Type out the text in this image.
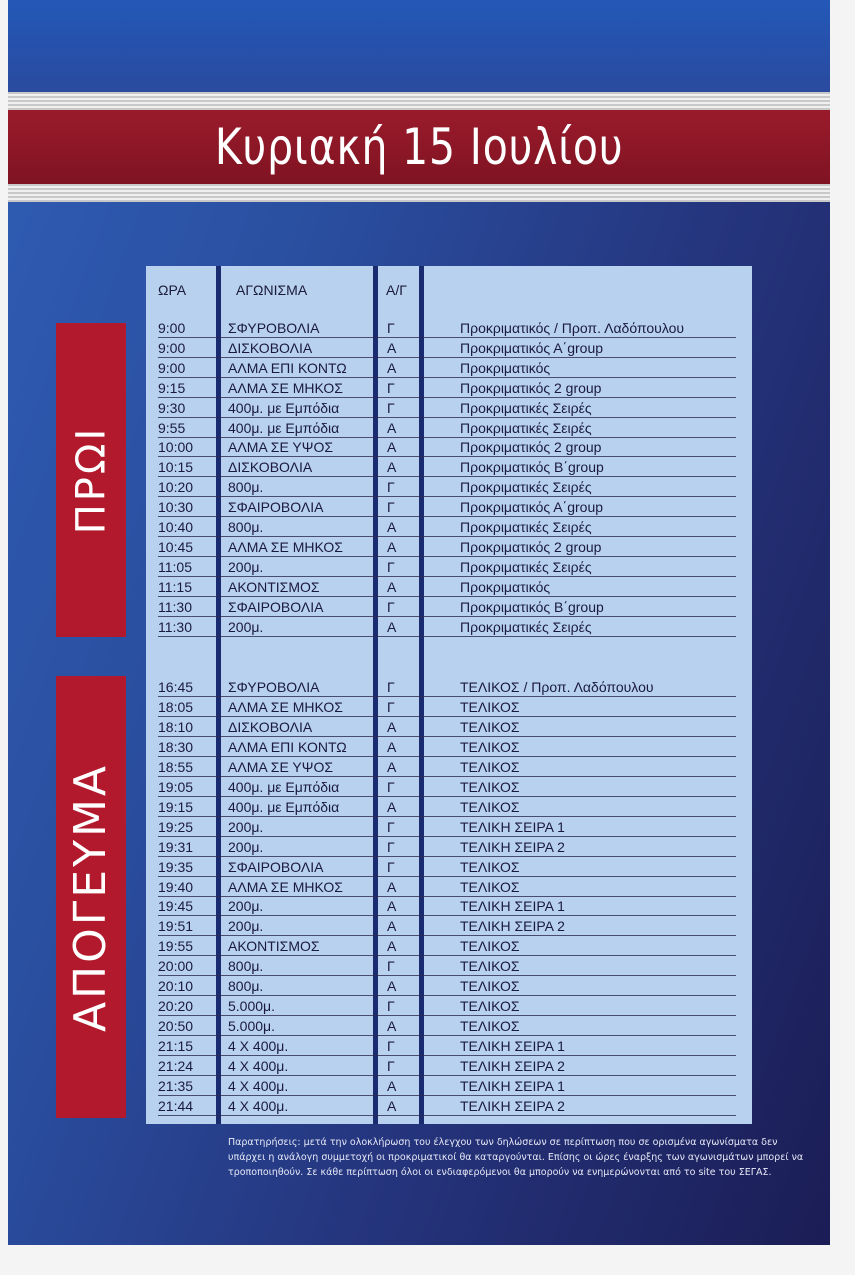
Κυριακή 15 Ιουλίου
ΠΡΩΙ
ΑΠΟΓΕΥΜΑ
ΩΡΑ	ΑΓΩΝΙΣΜΑ	Α/Γ
9:00	ΣΦΥΡΟΒΟΛΙΑ	Γ	Προκριματικός / Προπ. Λαδόπουλου
9:00	ΔΙΣΚΟΒΟΛΙΑ	Α	Προκριματικός Α΄group
9:00	ΑΛΜΑ ΕΠΙ ΚΟΝΤΩ	Α	Προκριματικός
9:15	ΑΛΜΑ ΣΕ ΜΗΚΟΣ	Γ	Προκριματικός 2 group
9:30	400μ. με Εμπόδια	Γ	Προκριματικές Σειρές
9:55	400μ. με Εμπόδια	Α	Προκριματικές Σειρές
10:00 ΑΛΜΑ ΣΕ ΥΨΟΣ	Α	Προκριματικός 2 group
10:15 ΔΙΣΚΟΒΟΛΙΑ	Α	Προκριματικός Β΄group
10:20 800μ.	Γ	Προκριματικές Σειρές
10:30 ΣΦΑΙΡΟΒΟΛΙΑ	Γ	Προκριματικός Α΄group
10:40 800μ.	Α	Προκριματικές Σειρές
10:45 ΑΛΜΑ ΣΕ ΜΗΚΟΣ	Α	Προκριματικός 2 group
11:05	200μ.	Γ	Προκριματικές Σειρές
11:15	ΑΚΟΝΤΙΣΜΟΣ	Α	Προκριματικός
11:30	ΣΦΑΙΡΟΒΟΛΙΑ	Γ	Προκριματικός Β΄group
11:30	200μ.	Α	Προκριματικές Σειρές
16:45 ΣΦΥΡΟΒΟΛΙΑ	Γ	ΤΕΛΙΚΟΣ / Προπ. Λαδόπουλου
18:05 ΑΛΜΑ ΣΕ ΜΗΚΟΣ	Γ	ΤΕΛΙΚΟΣ
18:10 ΔΙΣΚΟΒΟΛΙΑ	Α	ΤΕΛΙΚΟΣ
18:30 ΑΛΜΑ ΕΠΙ ΚΟΝΤΩ	Α	ΤΕΛΙΚΟΣ
18:55 ΑΛΜΑ ΣΕ ΥΨΟΣ	Α	ΤΕΛΙΚΟΣ
19:05 400μ. με Εμπόδια	Γ	ΤΕΛΙΚΟΣ
19:15 400μ. με Εμπόδια	Α	ΤΕΛΙΚΟΣ
19:25 200μ.	Γ	ΤΕΛΙΚΗ ΣΕΙΡΑ 1
19:31 200μ.	Γ	ΤΕΛΙΚΗ ΣΕΙΡΑ 2
19:35 ΣΦΑΙΡΟΒΟΛΙΑ	Γ	ΤΕΛΙΚΟΣ
19:40 ΑΛΜΑ ΣΕ ΜΗΚΟΣ	Α	ΤΕΛΙΚΟΣ
19:45 200μ.	Α	ΤΕΛΙΚΗ ΣΕΙΡΑ 1
19:51 200μ.	Α	ΤΕΛΙΚΗ ΣΕΙΡΑ 2
19:55 ΑΚΟΝΤΙΣΜΟΣ	Α	ΤΕΛΙΚΟΣ
20:00 800μ.	Γ	ΤΕΛΙΚΟΣ
20:10 800μ.	Α	ΤΕΛΙΚΟΣ
20:20 5.000μ.	Γ	ΤΕΛΙΚΟΣ
20:50 5.000μ.	Α	ΤΕΛΙΚΟΣ
21:15 4 Χ 400μ.	Γ	ΤΕΛΙΚΗ ΣΕΙΡΑ 1
21:24 4 Χ 400μ.	Γ	ΤΕΛΙΚΗ ΣΕΙΡΑ 2
21:35 4 Χ 400μ.	Α	ΤΕΛΙΚΗ ΣΕΙΡΑ 1
21:44 4 Χ 400μ.	Α	ΤΕΛΙΚΗ ΣΕΙΡΑ 2
Παρατηρήσεις: μετά την ολοκλήρωση του έλεγχου των δηλώσεων σε περίπτωση που σε ορισμένα αγωνίσματα δεν υπάρχει η ανάλογη συμμετοχή οι προκριματικοί θα καταργούνται. Επίσης οι ώρες έναρξης των αγωνισμάτων μπορεί να τροποποιηθούν. Σε κάθε περίπτωση όλοι οι ενδιαφερόμενοι θα μπορούν να ενημερώνονται από το site του ΣΕΓΑΣ.
